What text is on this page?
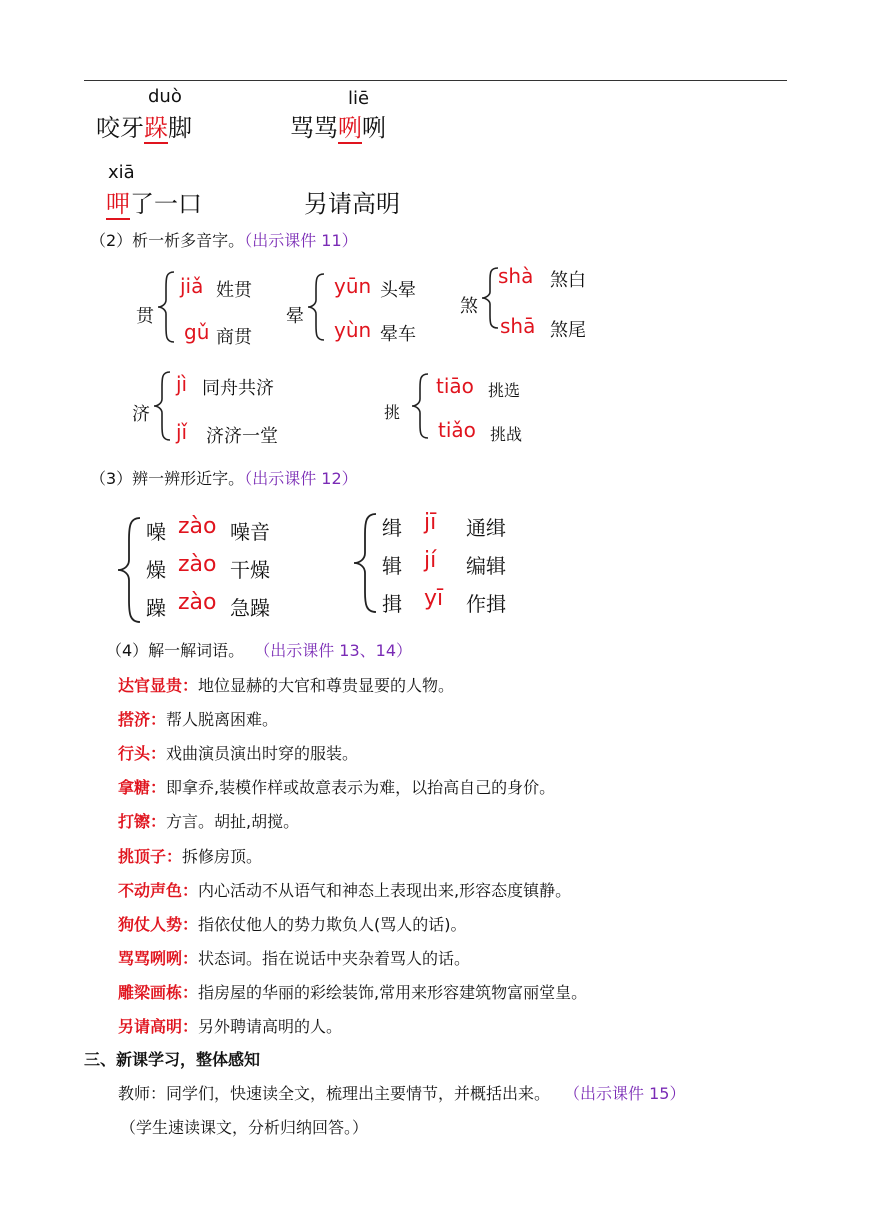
duò
咬牙跺脚
liē
骂骂咧咧
xiā
呷了一口	另请高明
（2）析一析多音字。（出示课件 11）
贯
jiǎ 姓贯
gǔ 商贯
晕
yūn 头晕
yùn 晕车
煞
shà 煞白
shā 煞尾
济
jì 同舟共济
jǐ 济济一堂
挑
tiāo 挑选
tiǎo 挑战
（3）辨一辨形近字。（出示课件 12）
噪 zào 噪音
燥 zào 干燥
躁 zào 急躁
缉 jī 通缉
辑 jí 编辑
揖 yī 作揖
（4）解一解词语。 （出示课件 13、14）
达官显贵：地位显赫的大官和尊贵显要的人物。
搭济：帮人脱离困难。
行头：戏曲演员演出时穿的服装。
拿糖：即拿乔,装模作样或故意表示为难，以抬高自己的身价。
打镲：方言。胡扯,胡搅。
挑顶子：拆修房顶。
不动声色：内心活动不从语气和神态上表现出来,形容态度镇静。
狗仗人势：指依仗他人的势力欺负人(骂人的话)。
骂骂咧咧：状态词。指在说话中夹杂着骂人的话。
雕梁画栋：指房屋的华丽的彩绘装饰,常用来形容建筑物富丽堂皇。
另请高明：另外聘请高明的人。
三、新课学习，整体感知
教师：同学们，快速读全文，梳理出主要情节，并概括出来。 （出示课件 15）
（学生速读课文，分析归纳回答。）
